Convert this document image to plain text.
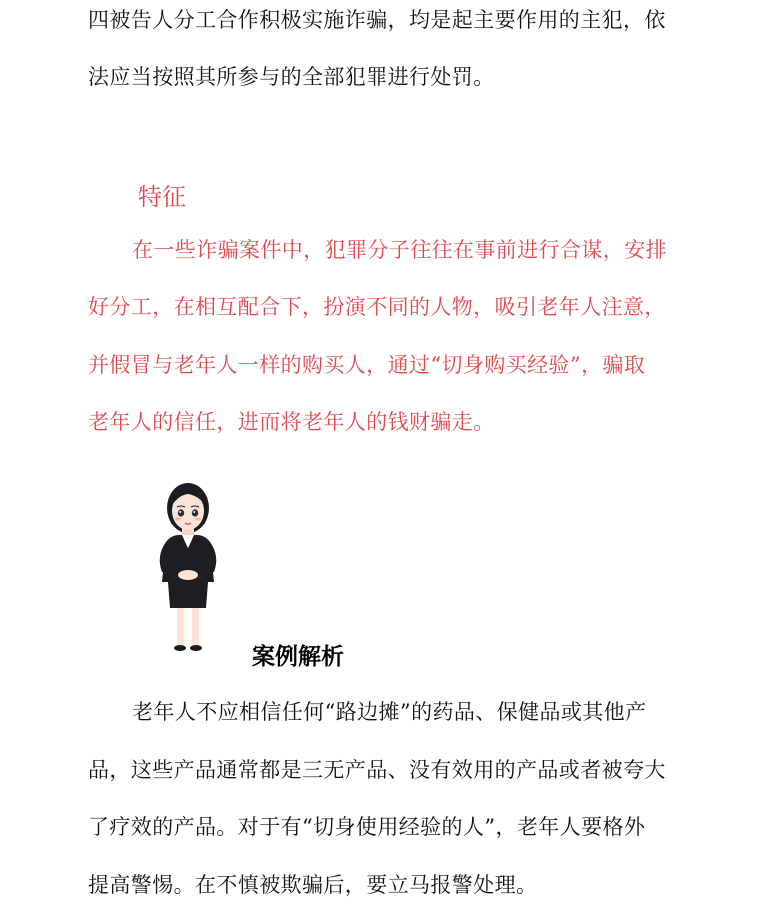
四被告人分工合作积极实施诈骗，均是起主要作用的主犯，依
法应当按照其所参与的全部犯罪进行处罚。
特征
在一些诈骗案件中，犯罪分子往往在事前进行合谋，安排
好分工，在相互配合下，扮演不同的人物，吸引老年人注意，
并假冒与老年人一样的购买人，通过“切身购买经验”，骗取
老年人的信任，进而将老年人的钱财骗走。
案例解析
老年人不应相信任何“路边摊”的药品、保健品或其他产
品，这些产品通常都是三无产品、没有效用的产品或者被夸大
了疗效的产品。对于有“切身使用经验的人”，老年人要格外
提高警惕。在不慎被欺骗后，要立马报警处理。
